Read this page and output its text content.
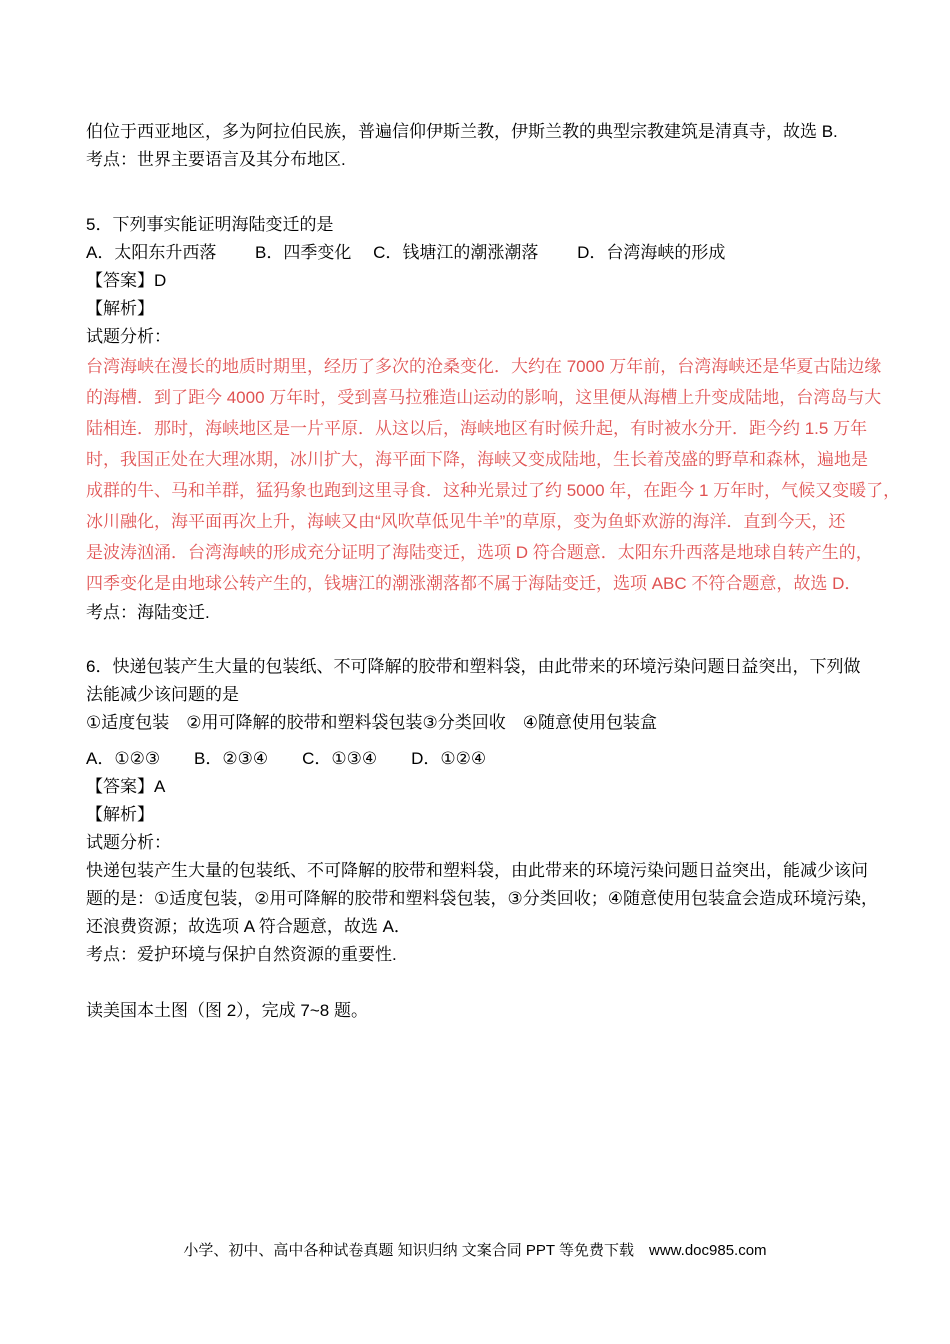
伯位于西亚地区，多为阿拉伯民族，普遍信仰伊斯兰教，伊斯兰教的典型宗教建筑是清真寺，故选 B.
考点：世界主要语言及其分布地区.
5．下列事实能证明海陆变迁的是
A．太阳东升西落　　 B．四季变化　 C．钱塘江的潮涨潮落　　 D．台湾海峡的形成
【答案】D
【解析】
试题分析：
台湾海峡在漫长的地质时期里，经历了多次的沧桑变化．大约在 7000 万年前，台湾海峡还是华夏古陆边缘
的海槽．到了距今 4000 万年时，受到喜马拉雅造山运动的影响，这里便从海槽上升变成陆地，台湾岛与大
陆相连．那时，海峡地区是一片平原．从这以后，海峡地区有时候升起，有时被水分开．距今约 1.5 万年
时，我国正处在大理冰期，冰川扩大，海平面下降，海峡又变成陆地，生长着茂盛的野草和森林，遍地是
成群的牛、马和羊群，猛犸象也跑到这里寻食．这种光景过了约 5000 年，在距今 1 万年时，气候又变暖了，
冰川融化，海平面再次上升，海峡又由“风吹草低见牛羊”的草原，变为鱼虾欢游的海洋．直到今天，还
是波涛汹涌．台湾海峡的形成充分证明了海陆变迁，选项 D 符合题意．太阳东升西落是地球自转产生的，
四季变化是由地球公转产生的，钱塘江的潮涨潮落都不属于海陆变迁，选项 ABC 不符合题意，故选 D．
考点：海陆变迁.
6．快递包装产生大量的包装纸、不可降解的胶带和塑料袋，由此带来的环境污染问题日益突出，下列做
法能减少该问题的是
①适度包装　②用可降解的胶带和塑料袋包装③分类回收　④随意使用包装盒
A．①②③　　B．②③④　　C．①③④　　D．①②④
【答案】A
【解析】
试题分析：
快递包装产生大量的包装纸、不可降解的胶带和塑料袋，由此带来的环境污染问题日益突出，能减少该问
题的是：①适度包装，②用可降解的胶带和塑料袋包装，③分类回收；④随意使用包装盒会造成环境污染，
还浪费资源；故选项 A 符合题意，故选 A．
考点：爱护环境与保护自然资源的重要性.
读美国本土图（图 2），完成 7~8 题。
小学、初中、高中各种试卷真题 知识归纳 文案合同 PPT 等免费下载　www.doc985.com
